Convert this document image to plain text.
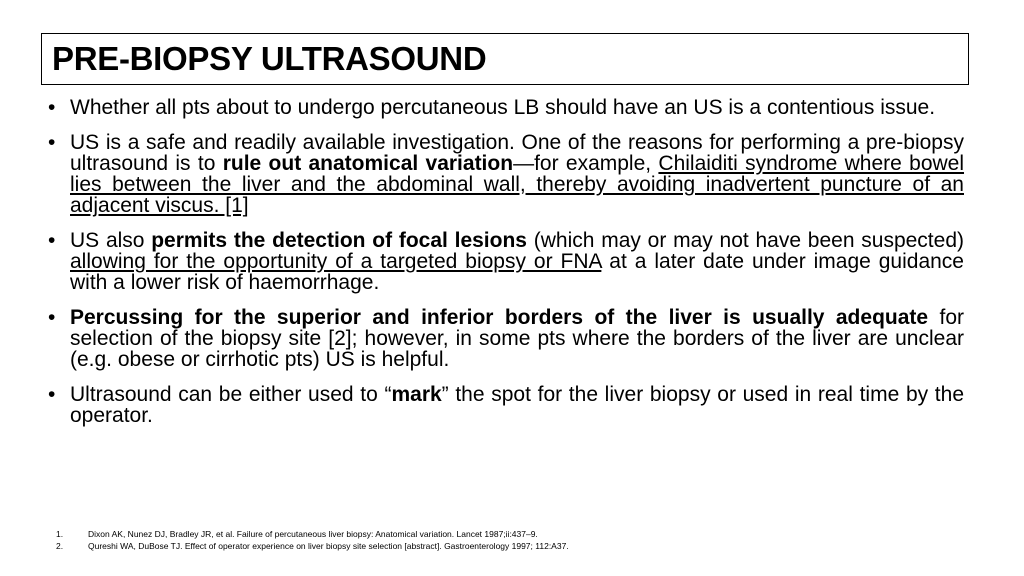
PRE-BIOPSY ULTRASOUND
• Whether all pts about to undergo percutaneous LB should have an US is a contentious issue.
• US is a safe and readily available investigation. One of the reasons for performing a pre-biopsy ultrasound is to rule out anatomical variation—for example, Chilaiditi syndrome where bowel lies between the liver and the abdominal wall, thereby avoiding inadvertent puncture of an adjacent viscus. [1]
• US also permits the detection of focal lesions (which may or may not have been suspected) allowing for the opportunity of a targeted biopsy or FNA at a later date under image guidance with a lower risk of haemorrhage.
• Percussing for the superior and inferior borders of the liver is usually adequate for selection of the biopsy site [2]; however, in some pts where the borders of the liver are unclear (e.g. obese or cirrhotic pts) US is helpful.
• Ultrasound can be either used to “mark” the spot for the liver biopsy or used in real time by the operator.
1.	Dixon AK, Nunez DJ, Bradley JR, et al. Failure of percutaneous liver biopsy: Anatomical variation. Lancet 1987;ii:437–9.
2.	Qureshi WA, DuBose TJ. Effect of operator experience on liver biopsy site selection [abstract]. Gastroenterology 1997; 112:A37.
